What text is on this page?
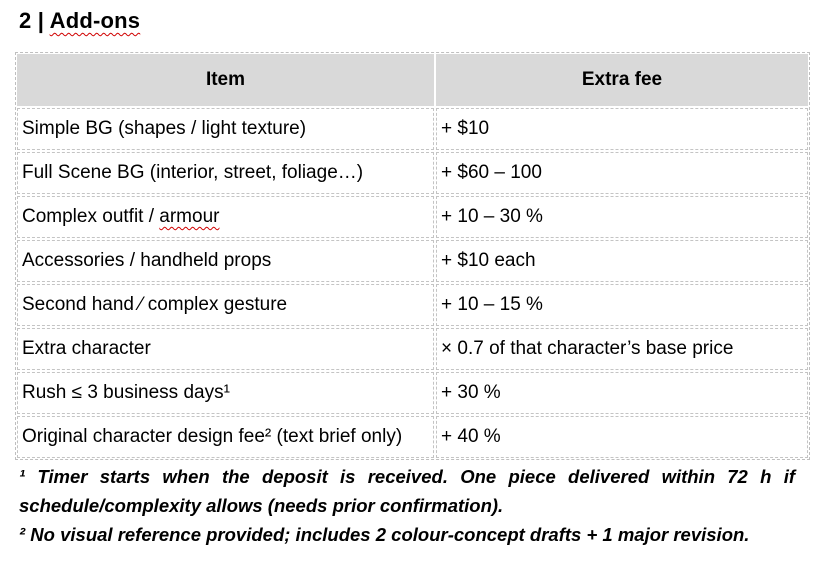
2 | Add-ons
Item	Extra fee
Simple BG (shapes / light texture)	+ $10
Full Scene BG (interior, street, foliage…)	+ $60 – 100
Complex outfit / armour	+ 10 – 30 %
Accessories / handheld props	+ $10 each
Second hand ⁄ complex gesture	+ 10 – 15 %
Extra character	× 0.7 of that character’s base price
Rush ≤ 3 business days¹	+ 30 %
Original character design fee² (text brief only)	+ 40 %
¹ Timer starts when the deposit is received. One piece delivered within 72 h if schedule/complexity allows (needs prior confirmation).
² No visual reference provided; includes 2 colour-concept drafts + 1 major revision.
